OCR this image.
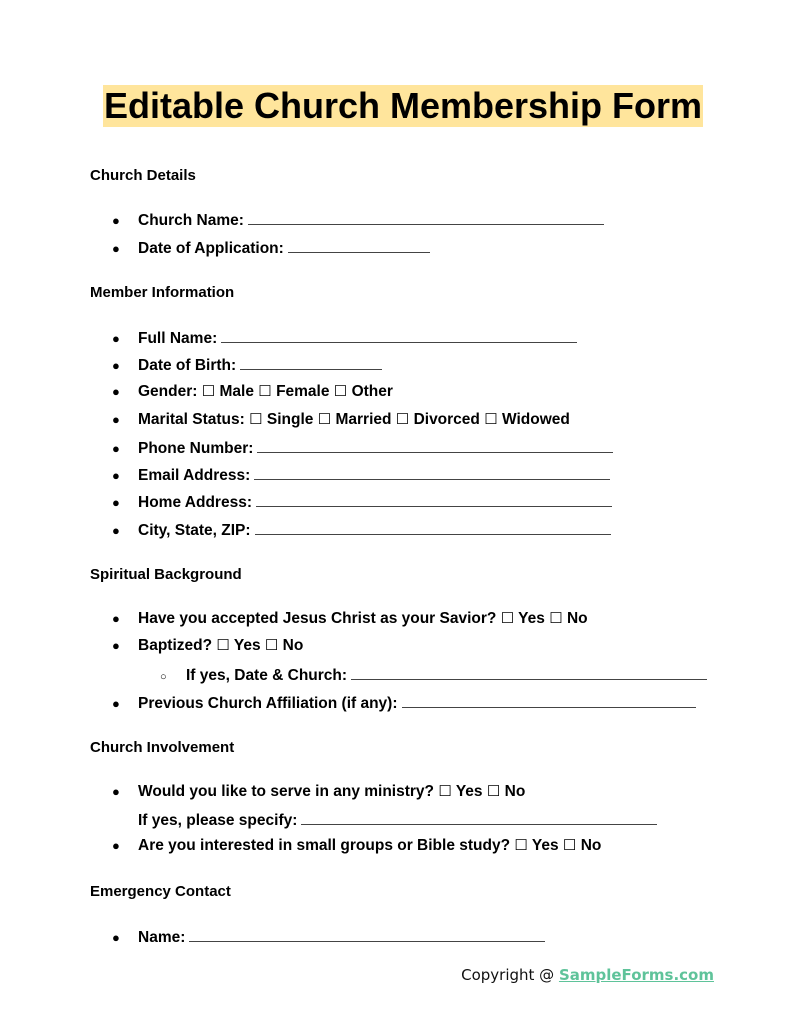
Editable Church Membership Form
Church Details
● Church Name:
● Date of Application:
Member Information
● Full Name:
● Date of Birth:
● Gender: ☐ Male ☐ Female ☐ Other
● Marital Status: ☐ Single ☐ Married ☐ Divorced ☐ Widowed
● Phone Number:
● Email Address:
● Home Address:
● City, State, ZIP:
Spiritual Background
● Have you accepted Jesus Christ as your Savior? ☐ Yes ☐ No
● Baptized? ☐ Yes ☐ No
○ If yes, Date & Church:
● Previous Church Affiliation (if any):
Church Involvement
● Would you like to serve in any ministry? ☐ Yes ☐ No
If yes, please specify:
● Are you interested in small groups or Bible study? ☐ Yes ☐ No
Emergency Contact
● Name:
Copyright @ SampleForms.com
